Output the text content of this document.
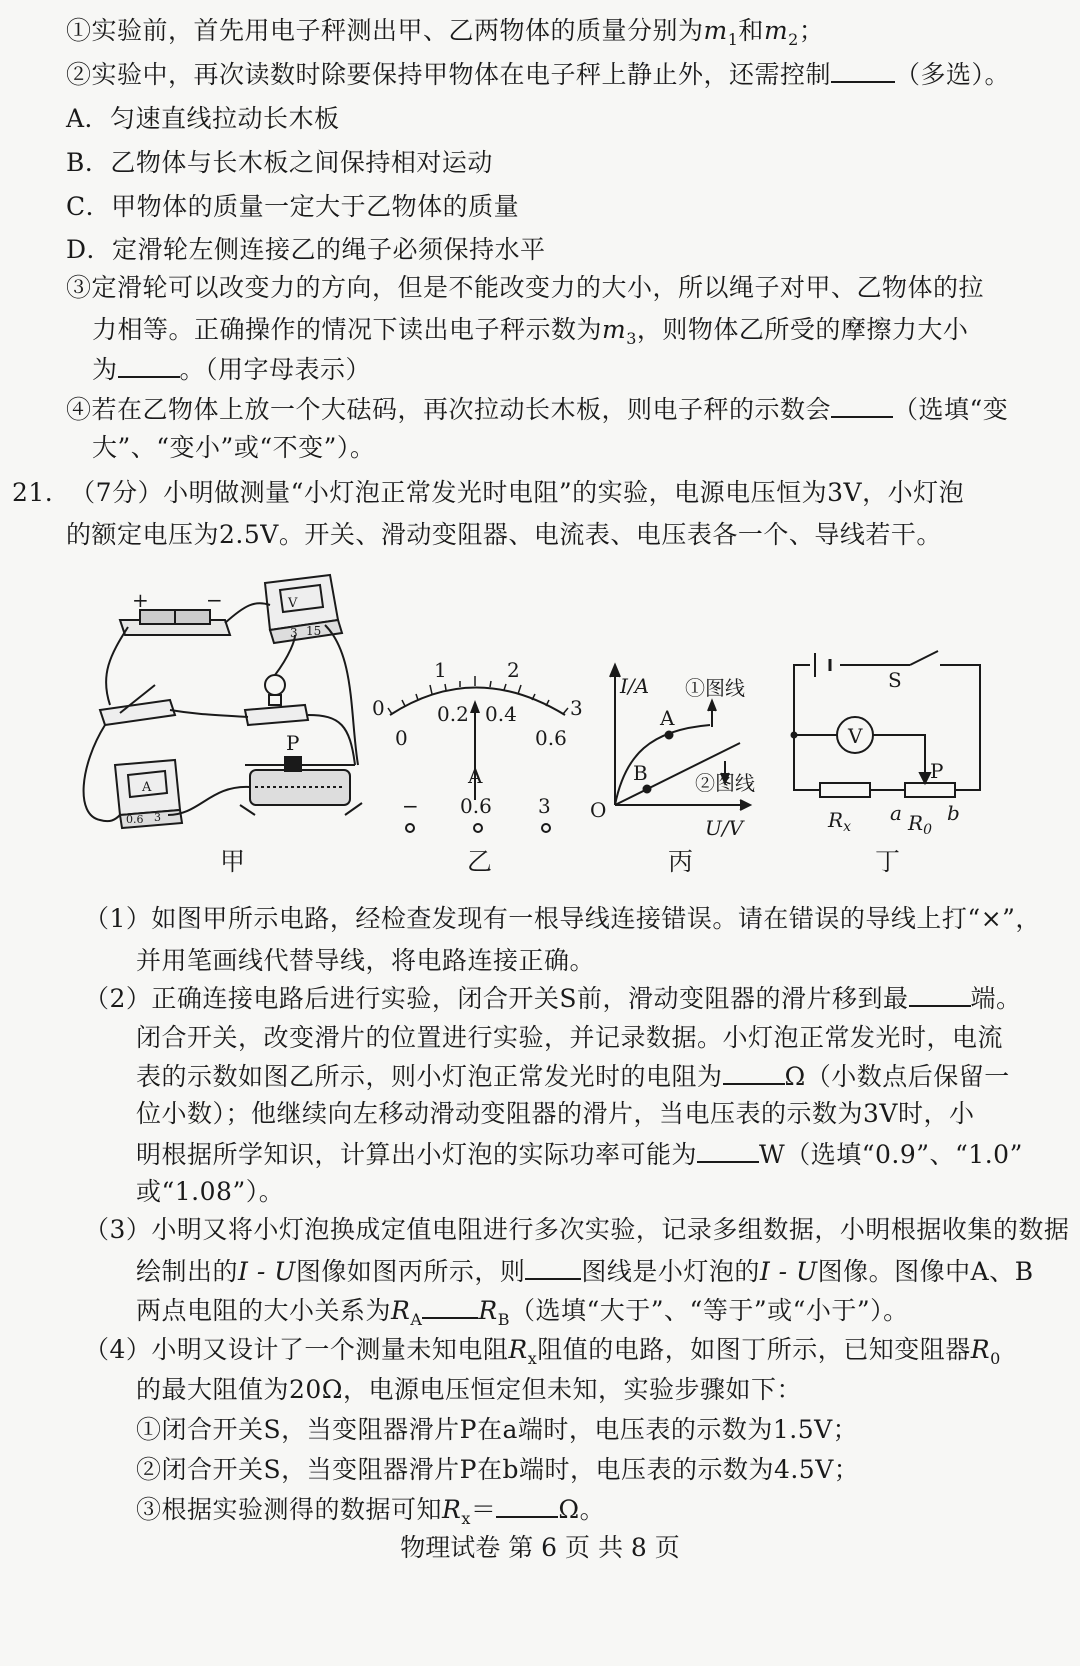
①实验前，首先用电子秤测出甲、乙两物体的质量分别为$m_1$和$m_2$；
②实验中，再次读数时除要保持甲物体在电子秤上静止外，还需控制	（多选）。
A．匀速直线拉动长木板
B．乙物体与长木板之间保持相对运动
C．甲物体的质量一定大于乙物体的质量
D．定滑轮左侧连接乙的绳子必须保持水平
③定滑轮可以改变力的方向，但是不能改变力的大小，所以绳子对甲、乙物体的拉
力相等。正确操作的情况下读出电子秤示数为$m_3$，则物体乙所受的摩擦力大小
为 。（用字母表示）
④若在乙物体上放一个大砝码，再次拉动长木板，则电子秤的示数会 （选填“变
大”、“变小”或“不变”）。
21. （7分）小明做测量“小灯泡正常发光时电阻”的实验，电源电压恒为3V，小灯泡
的额定电压为2.5V。开关、滑动变阻器、电流表、电压表各一个、导线若干。
+	−	V
3 15
A
0.6 3
P
甲
0
1	2
3
0
0.2 0.4
0.6
A
− 0.6 3
乙
I/A
U/V
O
①图线
②图线
A
B
丙
V
S
P
$R_x$
a $R_0$
b
丁
（1）如图甲所示电路，经检查发现有一根导线连接错误。请在错误的导线上打“×”，
并用笔画线代替导线，将电路连接正确。
（2）正确连接电路后进行实验，闭合开关S前，滑动变阻器的滑片移到最 端。
闭合开关，改变滑片的位置进行实验，并记录数据。小灯泡正常发光时，电流
表的示数如图乙所示，则小灯泡正常发光时的电阻为 Ω（小数点后保留一
位小数）；他继续向左移动滑动变阻器的滑片，当电压表的示数为3V时，小
明根据所学知识，计算出小灯泡的实际功率可能为 W（选填“0.9”、“1.0”
或“1.08”）。
（3）小明又将小灯泡换成定值电阻进行多次实验，记录多组数据，小明根据收集的数据
绘制出的I - U图像如图丙所示，则 图线是小灯泡的I - U图像。图像中A、B
两点电阻的大小关系为$R_A$ $R_B$（选填“大于”、“等于”或“小于”）。
（4）小明又设计了一个测量未知电阻$R_x$阻值的电路，如图丁所示，已知变阻器$R_0$
的最大阻值为20Ω，电源电压恒定但未知，实验步骤如下：
①闭合开关S，当变阻器滑片P在a端时，电压表的示数为1.5V；
②闭合开关S，当变阻器滑片P在b端时，电压表的示数为4.5V；
③根据实验测得的数据可知$R_x= \Omega$。
物理试卷 第 6 页 共 8 页
